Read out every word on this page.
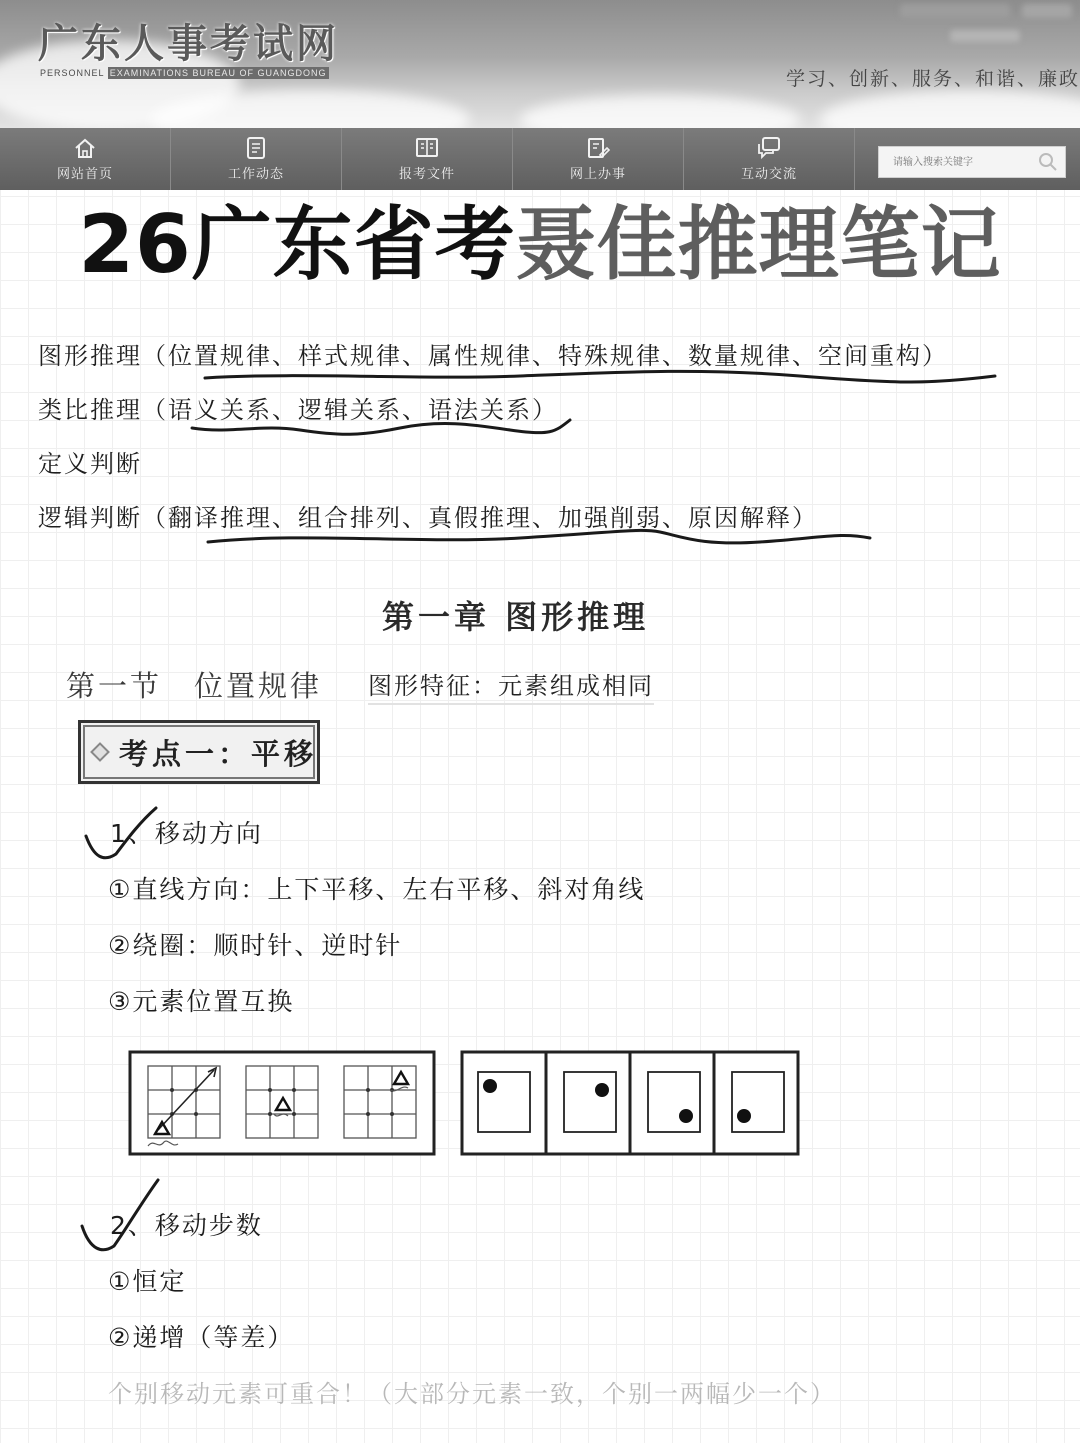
广东人事考试网
PERSONNEL EXAMINATIONS BUREAU OF GUANGDONG	学习、创新、服务、和谐、廉政
网站首页	工作动态	报考文件	网上办事	互动交流
请输入搜索关键字
26广东省考聂佳推理笔记
图形推理（位置规律、样式规律、属性规律、特殊规律、数量规律、空间重构）
类比推理（语义关系、逻辑关系、语法关系）
定义判断
逻辑判断（翻译推理、组合排列、真假推理、加强削弱、原因解释）
第一章 图形推理
第一节　位置规律 图形特征：元素组成相同
考点一：平移
1、移动方向
①直线方向：上下平移、左右平移、斜对角线
②绕圈：顺时针、逆时针
③元素位置互换
2、移动步数
①恒定
②递增（等差）
个别移动元素可重合！（大部分元素一致，个别一两幅少一个）
